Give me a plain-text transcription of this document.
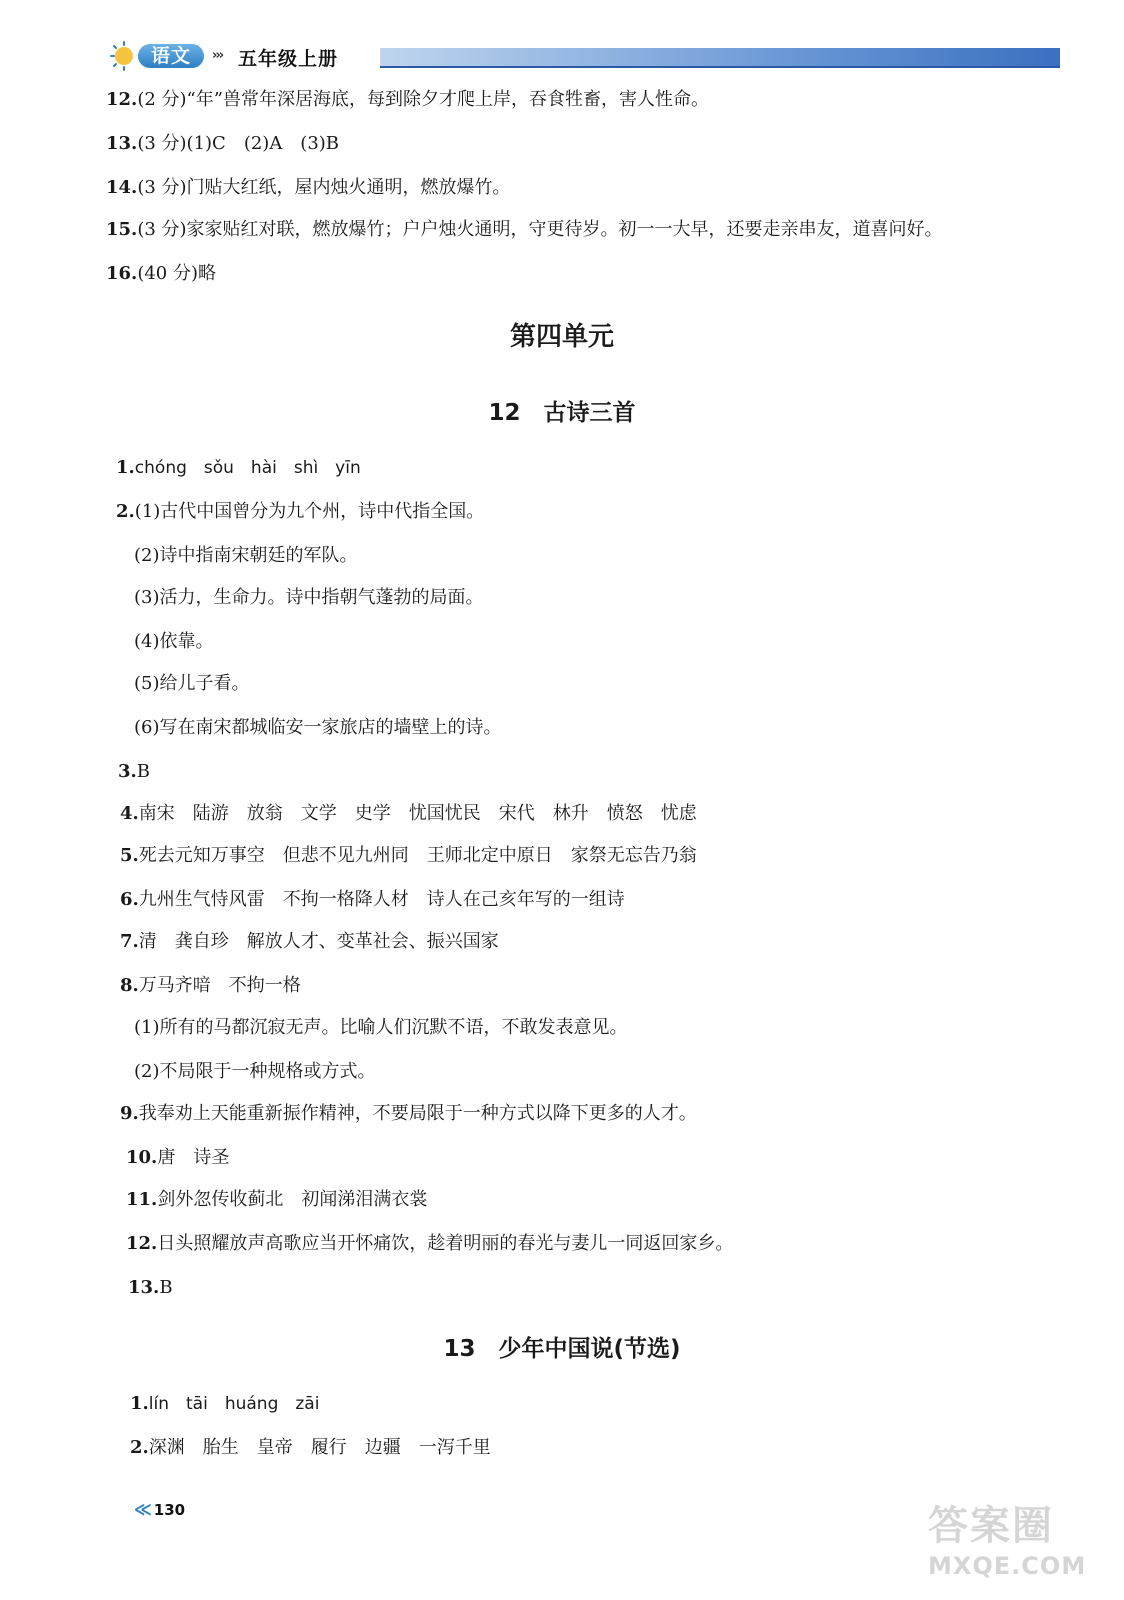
语文	››› 五年级上册
12.(2 分)“年”兽常年深居海底，每到除夕才爬上岸，吞食牲畜，害人性命。
13.(3 分)(1)C　(2)A　(3)B
14.(3 分)门贴大红纸，屋内烛火通明，燃放爆竹。
15.(3 分)家家贴红对联，燃放爆竹；户户烛火通明，守更待岁。初一一大早，还要走亲串友，道喜问好。
16.(40 分)略
第四单元
12　古诗三首
1.chóng　sǒu　hài　shì　yīn
2.(1)古代中国曾分为九个州，诗中代指全国。
(2)诗中指南宋朝廷的军队。
(3)活力，生命力。诗中指朝气蓬勃的局面。
(4)依靠。
(5)给儿子看。
(6)写在南宋都城临安一家旅店的墙壁上的诗。
3.B
4.南宋　陆游　放翁　文学　史学　忧国忧民　宋代　林升　愤怒　忧虑
5.死去元知万事空　但悲不见九州同　王师北定中原日　家祭无忘告乃翁
6.九州生气恃风雷　不拘一格降人材　诗人在己亥年写的一组诗
7.清　龚自珍　解放人才、变革社会、振兴国家
8.万马齐喑　不拘一格
(1)所有的马都沉寂无声。比喻人们沉默不语，不敢发表意见。
(2)不局限于一种规格或方式。
9.我奉劝上天能重新振作精神，不要局限于一种方式以降下更多的人才。
10.唐　诗圣
11.剑外忽传收蓟北　初闻涕泪满衣裳
12.日头照耀放声高歌应当开怀痛饮，趁着明丽的春光与妻儿一同返回家乡。
13.B
13　少年中国说(节选)
1.lín　tāi　huáng　zāi
2.深渊　胎生　皇帝　履行　边疆　一泻千里
≪ 130	答案圈
MXQE.COM
